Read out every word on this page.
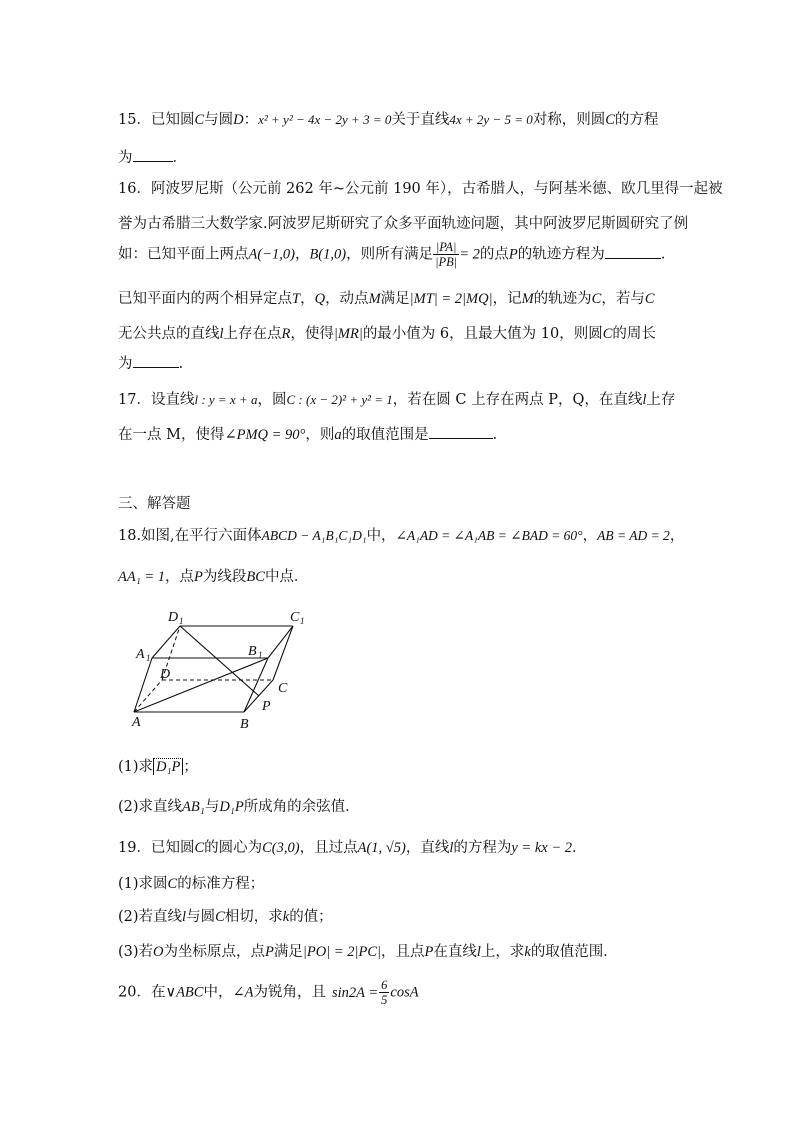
15．已知圆C与圆D：x² + y² − 4x − 2y + 3 = 0关于直线4x + 2y − 5 = 0对称，则圆C的方程
为	．
16．阿波罗尼斯（公元前 262 年~公元前 190 年），古希腊人，与阿基米德、欧几里得一起被
誉为古希腊三大数学家.阿波罗尼斯研究了众多平面轨迹问题，其中阿波罗尼斯圆研究了例
如：已知平面上两点A(−1,0)，B(1,0)，则所有满足 $\frac{|PA|}{|PB|} = 2$的点P的轨迹方程为	.
已知平面内的两个相异定点T，Q，动点M满足|MT| = 2|MQ|，记M的轨迹为C，若与C
无公共点的直线l上存在点R，使得|MR|的最小值为 6，且最大值为 10，则圆C的周长
为	.
17．设直线l : y = x + a，圆C : (x − 2)² + y² = 1，若在圆 C 上存在两点 P，Q，在直线l上存
在一点 M，使得∠PMQ = 90°，则a的取值范围是	．
三、解答题
18.如图,在平行六面体ABCD − A₁B₁C₁D₁中，∠A₁AD = ∠A₁AB = ∠BAD = 60°，AB = AD = 2，
AA₁ = 1，点P为线段BC中点．
D 1	C 1
A 1	B 1
D
C
A	B
P
(1)求 D₁P ；
(2)求直线AB₁与D₁P所成角的余弦值．
19．已知圆C的圆心为C(3,0)，且过点A(1, √5)，直线l的方程为y = kx − 2．
(1)求圆C的标准方程；
(2)若直线l与圆C相切，求k的值；
(3)若O为坐标原点，点P满足|PO| = 2|PC|，且点P在直线l上，求k的取值范围．
20．在∨ABC中，∠A为锐角，且 $\sin 2A = \frac{6}{5}$ cosA
